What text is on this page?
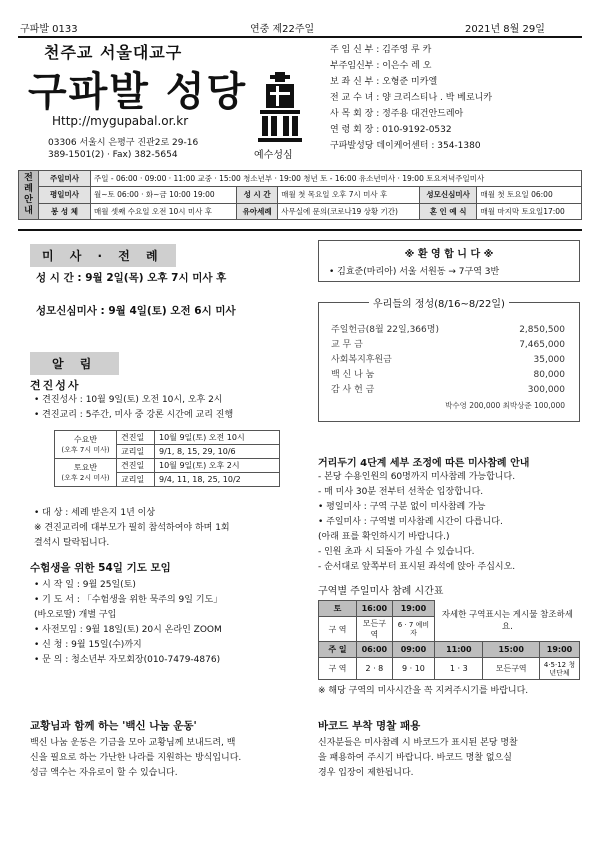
구파발 0133	연중 제22주일	2021년 8월 29일
천주교 서울대교구
구파발 성당
Http://mygupabal.or.kr
03306 서울시 은평구 진관2로 29-16
389-1501(2) · Fax) 382-5654	예수성심
주 임 신 부 : 김주영 루 카
부주임신부 : 이은수 레 오
보 좌 신 부 : 오형준 미카엘
전 교 수 녀 : 양 크리스티나 . 박 베로니카
사 목 회 장 : 정주용 대건안드레아
연 령 회 장 : 010-9192-0532
구파발성당 데이케어센터 : 354-1380
전례안내	주일미사	주일 - 06:00 · 09:00 · 11:00 교중 · 15:00 청소년부 · 19:00 청년 토 - 16:00 유소년미사 · 19:00 토요저녁주일미사				
	평일미사	월~토 06:00 · 화~금 10:00 19:00	성 시 간	매월 첫 목요일 오후 7시 미사 후	성모신심미사	매월 첫 토요일 06:00
	봉 성 체	매월 셋째 수요일 오전 10시 미사 후	유아세례	사무실에 문의(코로나19 상황 기간)	혼 인 예 식	매월 마지막 토요일17:00
미 사 · 전 례
성 시 간 : 9월 2일(목) 오후 7시 미사 후
성모신심미사 : 9월 4일(토) 오전 6시 미사
※ 환 영 합 니 다 ※
• 김효준(마리아) 서울 서원동 → 7구역 3반
우리들의 정성(8/16~8/22일)
주일헌금(8월 22일,366명)	2,850,500
교 무 금	7,465,000
사회복지후원금	35,000
백 신 나 눔	80,000
감 사 헌 금	300,000
박수영 200,000 최박상준 100,000
알 림
견진성사
• 견진성사 : 10월 9일(토) 오전 10시, 오후 2시
• 견진교리 : 5주간, 미사 중 강론 시간에 교리 진행
수요반
(오후 7시 미사)	견진일	10월 9일(토) 오전 10시
	교리일	9/1, 8, 15, 29, 10/6

토요반
(오후 2시 미사)	견진일	10월 9일(토) 오후 2시
	교리일	9/4, 11, 18, 25, 10/2
• 대 상 : 세례 받은지 1년 이상
※ 견진교리에 대부모가 필히 참석하여야 하며 1회
결석시 탈락됩니다.
수험생을 위한 54일 기도 모임
• 시 작 일 : 9월 25일(토)
• 기 도 서 : 「수험생을 위한 묵주의 9일 기도」
(바오로딸) 개별 구입
• 사전모임 : 9월 18일(토) 20시 온라인 ZOOM
• 신 청 : 9월 15일(수)까지
• 문 의 : 청소년부 자모회장(010-7479-4876)
교황님과 함께 하는 '백신 나눔 운동'
백신 나눔 운동은 기금을 모아 교황님께 보내드려, 백
신을 필요로 하는 가난한 나라를 지원하는 방식입니다.
성금 액수는 자유로이 할 수 있습니다.
거리두기 4단계 세부 조정에 따른 미사참례 안내
- 본당 수용인원의 60명까지 미사참례 가능합니다.
- 매 미사 30분 전부터 선착순 입장합니다.
• 평일미사 : 구역 구분 없이 미사참례 가능
• 주일미사 : 구역별 미사참례 시간이 다릅니다.
(아래 표를 확인하시기 바랍니다.)
- 인원 초과 시 되돌아 가실 수 있습니다.
- 순서대로 앞쪽부터 표시된 좌석에 앉아 주십시오.
구역별 주일미사 참례 시간표
토	16:00	19:00	자세한 구역표시는 게시물 참조하세요.		
구 역	모든구역	6 · 7 예비자			
주 일	06:00	09:00	11:00	15:00	19:00
구 역	2 · 8	9 · 10	1 · 3	모든구역	4·5·12 청년단체
※ 해당 구역의 미사시간을 꼭 지켜주시기를 바랍니다.
바코드 부착 명찰 패용
신자분들은 미사참례 시 바코드가 표시된 본당 명찰
을 패용하여 주시기 바랍니다. 바코드 명찰 없으실
경우 입장이 제한됩니다.
